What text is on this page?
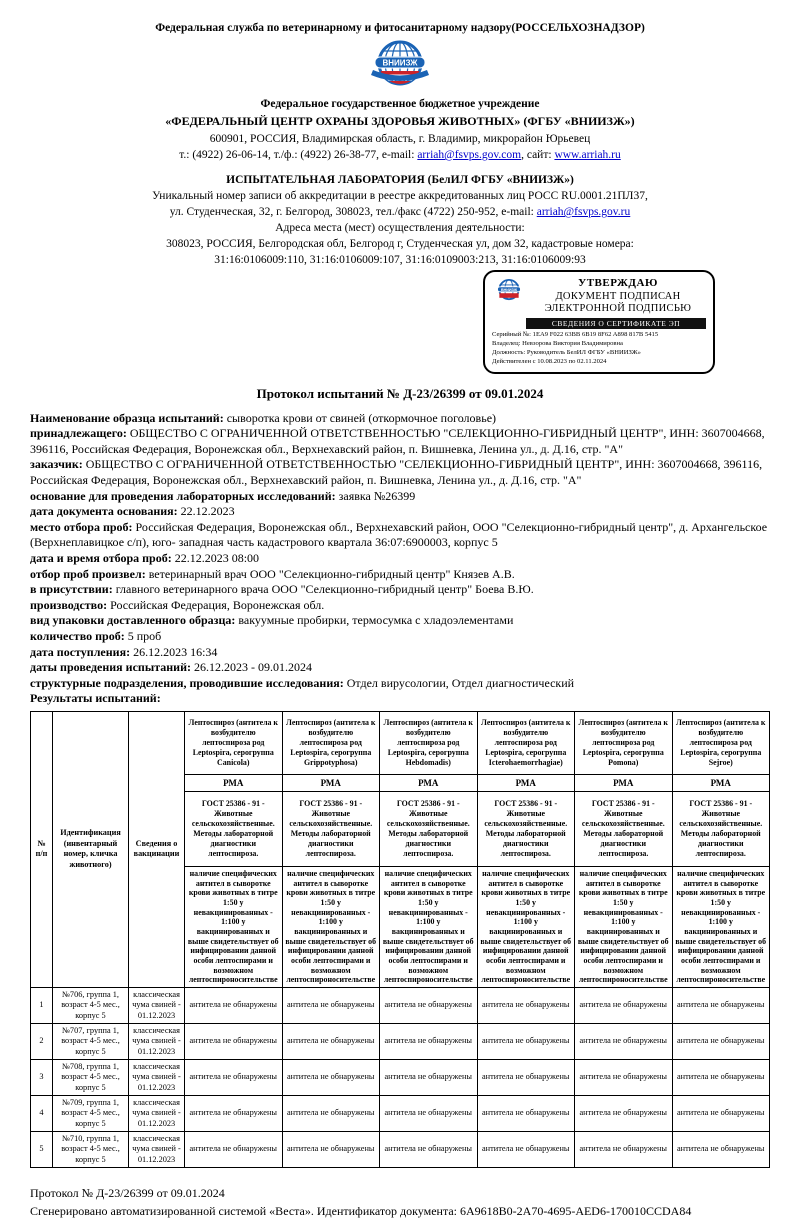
Федеральная служба по ветеринарному и фитосанитарному надзору(РОССЕЛЬХОЗНАДЗОР)
ВНИИЗЖ
Федеральное государственное бюджетное учреждение
«ФЕДЕРАЛЬНЫЙ ЦЕНТР ОХРАНЫ ЗДОРОВЬЯ ЖИВОТНЫХ» (ФГБУ «ВНИИЗЖ»)
600901, РОССИЯ, Владимирская область, г. Владимир, микрорайон Юрьевец
т.: (4922) 26-06-14, т./ф.: (4922) 26-38-77, e-mail: arriah@fsvps.gov.com, сайт: www.arriah.ru
ИСПЫТАТЕЛЬНАЯ ЛАБОРАТОРИЯ (БелИЛ ФГБУ «ВНИИЗЖ»)
Уникальный номер записи об аккредитации в реестре аккредитованных лиц РОСС RU.0001.21ПЛ37,
ул. Студенческая, 32, г. Белгород, 308023, тел./факс (4722) 250-952, e-mail: arriah@fsvps.gov.ru
Адреса места (мест) осуществления деятельности:
308023, РОССИЯ, Белгородская обл, Белгород г, Студенческая ул, дом 32, кадастровые номера:
31:16:0106009:110, 31:16:0106009:107, 31:16:0109003:213, 31:16:0106009:93
ВНИИЗЖ
УТВЕРЖДАЮ
ДОКУМЕНТ ПОДПИСАН ЭЛЕКТРОННОЙ ПОДПИСЬЮ
СВЕДЕНИЯ О СЕРТИФИКАТЕ ЭП
Серийный №: 1EA9 F022 63BB 6B19 8F62 A898 817B 5415
Владелец: Невзорова Виктория Владимировна
Должность: Руководитель БелИЛ ФГБУ «ВНИИЗЖ»
Действителен с 10.08.2023 по 02.11.2024
Протокол испытаний № Д-23/26399 от 09.01.2024
Наименование образца испытаний: сыворотка крови от свиней (откормочное поголовье)
принадлежащего: ОБЩЕСТВО С ОГРАНИЧЕННОЙ ОТВЕТСТВЕННОСТЬЮ "СЕЛЕКЦИОННО-ГИБРИДНЫЙ ЦЕНТР", ИНН: 3607004668, 396116, Российская Федерация, Воронежская обл., Верхнехавский район, п. Вишневка, Ленина ул., д. Д.16, стр. "А"
заказчик: ОБЩЕСТВО С ОГРАНИЧЕННОЙ ОТВЕТСТВЕННОСТЬЮ "СЕЛЕКЦИОННО-ГИБРИДНЫЙ ЦЕНТР", ИНН: 3607004668, 396116, Российская Федерация, Воронежская обл., Верхнехавский район, п. Вишневка, Ленина ул., д. Д.16, стр. "А"
основание для проведения лабораторных исследований: заявка №26399
дата документа основания: 22.12.2023
место отбора проб: Российская Федерация, Воронежская обл., Верхнехавский район, ООО "Селекционно-гибридный центр", д. Архангельское (Верхнеплавицкое с/п), юго- западная часть кадастрового квартала 36:07:6900003, корпус 5
дата и время отбора проб: 22.12.2023 08:00
отбор проб произвел: ветеринарный врач ООО "Селекционно-гибридный центр" Князев А.В.
в присутствии: главного ветеринарного врача ООО "Селекционно-гибридный центр" Боева В.Ю.
производство: Российская Федерация, Воронежская обл.
вид упаковки доставленного образца: вакуумные пробирки, термосумка с хладоэлементами
количество проб: 5 проб
дата поступления: 26.12.2023 16:34
даты проведения испытаний: 26.12.2023 - 09.01.2024
структурные подразделения, проводившие исследования: Отдел вирусологии, Отдел диагностический
Результаты испытаний:
№ п/п	Идентификация (инвентарный номер, кличка животного)	Сведения о вакцинации	Лептоспироз (антитела к возбудителю лептоспироза род Leptospira, серогруппа Canicola)	Лептоспироз (антитела к возбудителю лептоспироза род Leptospira, серогруппа Grippotyphosa)	Лептоспироз (антитела к возбудителю лептоспироза род Leptospira, серогруппа Hebdomadis)	Лептоспироз (антитела к возбудителю лептоспироза род Leptospira, серогруппа Icterohaemorrhagiae)	Лептоспироз (антитела к возбудителю лептоспироза род Leptospira, серогруппа Pomona)	Лептоспироз (антитела к возбудителю лептоспироза род Leptospira, серогруппа Sejroe)
			РМА	РМА	РМА	РМА	РМА	РМА
			ГОСТ 25386 - 91 - Животные сельскохозяйственные. Методы лабораторной диагностики лептоспироза.	ГОСТ 25386 - 91 - Животные сельскохозяйственные. Методы лабораторной диагностики лептоспироза.	ГОСТ 25386 - 91 - Животные сельскохозяйственные. Методы лабораторной диагностики лептоспироза.	ГОСТ 25386 - 91 - Животные сельскохозяйственные. Методы лабораторной диагностики лептоспироза.	ГОСТ 25386 - 91 - Животные сельскохозяйственные. Методы лабораторной диагностики лептоспироза.	ГОСТ 25386 - 91 - Животные сельскохозяйственные. Методы лабораторной диагностики лептоспироза.
наличие специфических антител в сыворотке крови животных в титре 1:50 у невакцинированных - 1:100 у вакцинированных и выше свидетельствует об инфицировании данной особи лептоспирами и возможном лептоспироносительстве	наличие специфических антител в сыворотке крови животных в титре 1:50 у невакцинированных - 1:100 у вакцинированных и выше свидетельствует об инфицировании данной особи лептоспирами и возможном лептоспироносительстве	наличие специфических антител в сыворотке крови животных в титре 1:50 у невакцинированных - 1:100 у вакцинированных и выше свидетельствует об инфицировании данной особи лептоспирами и возможном лептоспироносительстве	наличие специфических антител в сыворотке крови животных в титре 1:50 у невакцинированных - 1:100 у вакцинированных и выше свидетельствует об инфицировании данной особи лептоспирами и возможном лептоспироносительстве	наличие специфических антител в сыворотке крови животных в титре 1:50 у невакцинированных - 1:100 у вакцинированных и выше свидетельствует об инфицировании данной особи лептоспирами и возможном лептоспироносительстве	наличие специфических антител в сыворотке крови животных в титре 1:50 у невакцинированных - 1:100 у вакцинированных и выше свидетельствует об инфицировании данной особи лептоспирами и возможном лептоспироносительстве
1	№706, группа 1, возраст 4-5 мес., корпус 5	классическая чума свиней - 01.12.2023	антитела не обнаружены	антитела не обнаружены	антитела не обнаружены	антитела не обнаружены	антитела не обнаружены	антитела не обнаружены
2	№707, группа 1, возраст 4-5 мес., корпус 5	классическая чума свиней - 01.12.2023	антитела не обнаружены	антитела не обнаружены	антитела не обнаружены	антитела не обнаружены	антитела не обнаружены	антитела не обнаружены
3	№708, группа 1, возраст 4-5 мес., корпус 5	классическая чума свиней - 01.12.2023	антитела не обнаружены	антитела не обнаружены	антитела не обнаружены	антитела не обнаружены	антитела не обнаружены	антитела не обнаружены
4	№709, группа 1, возраст 4-5 мес., корпус 5	классическая чума свиней - 01.12.2023	антитела не обнаружены	антитела не обнаружены	антитела не обнаружены	антитела не обнаружены	антитела не обнаружены	антитела не обнаружены
5	№710, группа 1, возраст 4-5 мес., корпус 5	классическая чума свиней - 01.12.2023	антитела не обнаружены	антитела не обнаружены	антитела не обнаружены	антитела не обнаружены	антитела не обнаружены	антитела не обнаружены
Протокол № Д-23/26399 от 09.01.2024
Сгенерировано автоматизированной системой «Веста». Идентификатор документа: 6A9618B0-2A70-4695-AED6-170010CCDA84
